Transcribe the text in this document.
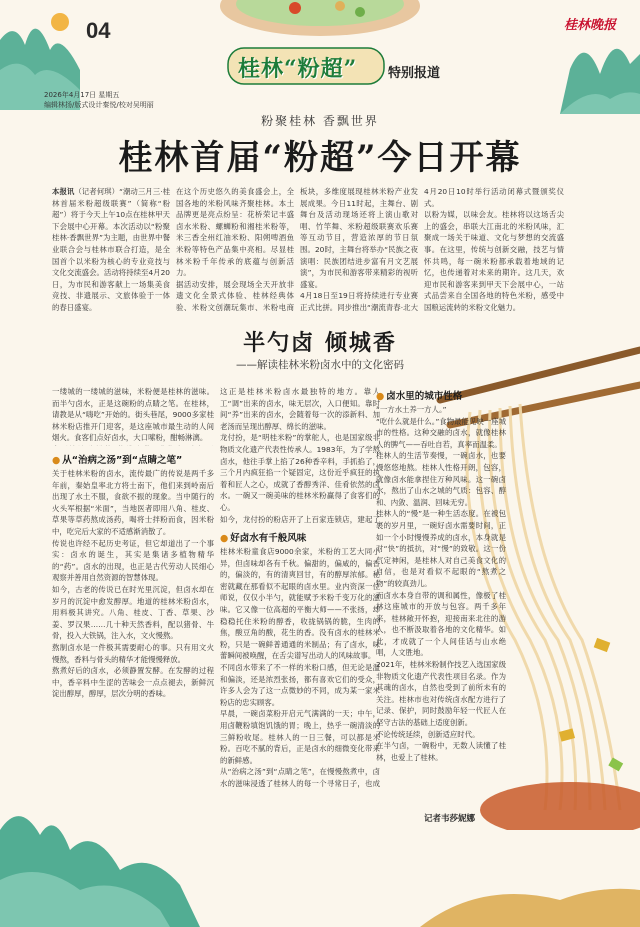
04	桂林晚报
桂林“粉超” 特别报道
2026年4月17日 星期五
编辑林扬/版式设计秦悦/校对吴明丽
粉聚桂林 香飘世界
桂林首届“粉超”今日开幕
本报讯（记者何琪）“潮动三月三·桂林首届米粉超级联赛”（简称“粉超”）将于今天上午10点在桂林甲天下会展中心开幕。本次活动以“粉聚桂林·香飘世界”为主题，由世界中餐业联合会与桂林市联合打造，是全国首个以米粉为核心的专业竞技与文化交流盛会。活动将持续至4月20日，为市民和游客献上一场集美食竞技、非遗展示、文旅体验于一体的春日盛宴。

在这个历史悠久的美食盛会上，全国各地的米粉风味齐聚桂林。本土品牌更是亮点纷呈：花桥荣记丰盛卤水米粉、螺蛳粉和湘桂米粉等，米三香全州红油米粉、阳朔啤酒鱼米粉等特色产品集中亮相。尽显桂林米粉千年传承的底蕴与创新活力。
据活动安排，展会现场全天开放非遗文化全景式体验、桂林经典体验、米粉文创潮玩集市、米粉电商
板块，多维度展现桂林米粉产业发展成果。今日11时起，主舞台、剧舞台及活动现场还将上演山歌对唱、竹竿舞、米粉超级联赛欢乐赛等互动节目，营造浓厚的节日氛围。20时，主舞台将举办“民族之夜演唱：民族团结进步富有月文艺展演”，为市民和游客带来精彩的视听盛宴。
4月18日至19日将持续进行专业赛正式比拼。同步推出“潮流青春·北大
4月20日10时举行活动闭幕式暨颁奖仪式。
以粉为媒，以味会友。桂林将以这场舌尖上的盛会，串联大江南北的米粉风味，汇聚成一场关于味道、文化与梦想的交流盛事。在这里，传统与创新交融，技艺与情怀共鸣，每一碗米粉都承载着地域的记忆，也传递着对未来的期许。这几天，欢迎市民和游客来到甲天下会展中心，一站式品尝来自全国各地的特色米粉，感受中国粮运流转的米粉文化魅力。
半勺卤 倾城香
——解读桂林米粉卤水中的文化密码
一缕城的一缕城的滋味，米粉便是桂林的滋味。而半勺卤水，正是这碗粉的点睛之笔。在桂林，请教是从“嗨吃”开始的。街头巷尾，9000多家桂林米粉店推开门迎客，是这座城市最生动的人间烟火。食客们点好卤水，大口嗦粉，酣畅淋漓。

● 从“治病之汤”到“点睛之笔”
关于桂林米粉的卤水，流传最广的传说是两千多年前，秦始皇率北方将士南下，他们来到岭南后出现了水土不服，食欲不振的现象。当中随行的火头军根据“米面”，当地医者即用八角、桂皮、草果等草药熬成汤药，喝将士拌粉而食，因米粉中，吃完后大家的不适感渐消散了。
传说也许经不起历史考证，但它却道出了一个事实：卤水的诞生，其实是集诸多植物精华的“药”。卤水的出现，也正是古代劳动人民细心观察并善用自然资源的智慧体现。
如今，古老的传说已在时光里沉淀，但卤水却在岁月的沉淀中愈发醇厚。地道的桂林米粉卤水，用料极其讲究。八角、桂皮、丁香、草果、沙姜、罗汉果……几十种天然香料，配以猪骨、牛骨，投入大铁锅，注入水，文火慢熬。
熬制卤水是一件极其需要耐心的事。只有用文火慢熬，香料与骨头的精华才能慢慢释放。
熬煮好后的卤水，必须静置发酵。在发酵的过程中，香辛料中生涩的苦味会一点点褪去，新鲜沉淀出醇厚，醇厚，层次分明的香味。
这正是桂林米粉卤水最独特的地方。靠人工“调”出来的卤水，味无层次，入口便知。靠时间“养”出来的卤水，会随着每一次的添新料、加老汤而呈现出醇厚、绵长的滋味。
龙付扮，是“明桂米粉”的掌舵人，也是国家级非物质文化遗产代表性传承人。1983年，为了学熬卤水，他往手掌上掐了26种香辛料，手抓掐了，三个月内疯狂掐一个疑固定，这份近乎疯狂的执着和匠人之心，成就了香醇秀洋、佳肴依然的卤水。一碗又一碗美味的桂林米粉赢得了食客们的心。
如今，龙付扮的粉店开了上百家连锁店，建起了
● 好卤水有千般风味
桂林米粉童食店9000余家，米粉的工艺大同小异，但卤味却各有千秋。偏甜的，偏咸的，偏香的，偏淡的，有的清爽回甘，有的醇厚浓郁。秘密就藏在那看似不起眼的卤水里。业内资深一位师说，仅仅小半勺，就能赋予米粉千变万化的滋味。它又像一位高超的平衡大师——不张扬，却稳稳托住米粉的醇香，收拢锅锅的脆，生肉的焦，酸豆角的酸，花生的香。没有卤水的桂林米粉，只是一碗鲜普通通的米制品；有了卤水，味蕾瞬间被唤醒，在舌尖谱写出动人的风味故事。
不同卤水带来了不一样的米粉口感，但无论是温和偏淡，还是浓烈张扬，都有喜欢它们的受众，许多人会为了这一点微妙的不同，成为某一家米粉店的忠实顾客。
早晨，一碗卤菜粉开启元气满满的一天；中午，用卤鞭粉填饱饥饿的胃；晚上，热乎一碗清淡的三鲜粉收尾。桂林人的一日三餐，可以都是米粉。百吃不腻的背后，正是卤水的细微变化带来的新鲜感。
从“治病之汤”到“点睛之笔”，在慢慢熬煮中，卤水的滋味浸透了桂林人的每一个寻常日子，也成
● 卤水里的城市性格
“一方水土养一方人。”
“吃什么就是什么。”食物最能见映一座城市的性格。这种交融的卤水，就像桂林人的脾气——吞吐自若，真率而温柔。
桂林人的生活节奏慢，一碗卤水，也要慢悠悠地熬。桂林人性格开朗，包容，就像卤水能拿捏住万种风味。这一碗卤水，熬出了山水之城的气质：包容、醇和、内敛、温润、回味无穷。
桂林人的“慢”是一种生活态度。在被包裹的岁月里，一碗好卤水需要时间，正如一个小时慢慢养成的卤水，本身就是对“快”的抵抗，对“慢”的致敬。这一份气定神闲，是桂林人对自己美食文化的自信，也是对看似不起眼的“熬煮之物”的较真劲儿。
而卤水本身自带的调和属性，像极了桂林这座城市的开放与包容。两千多年来，桂林敞开怀抱，迎接南来北往的游人，也不断汲取着各地的文化精华。如此，才成就了一个人间佳话与山水绝唱，人文胜地。
2021年，桂林米粉制作技艺入选国家级非物质文化遗产代表性项目名录。作为其魂的卤水，自然也受到了前所未有的关注。桂林市也对传统卤水配方进行了记录、保护，同时鼓励年轻一代匠人在坚守古法的基础上适度创新。
不论传统延续，创新适应时代。
在半勺卤，一碗粉中，无数人读懂了桂林，也爱上了桂林。
记者韦莎妮娜
